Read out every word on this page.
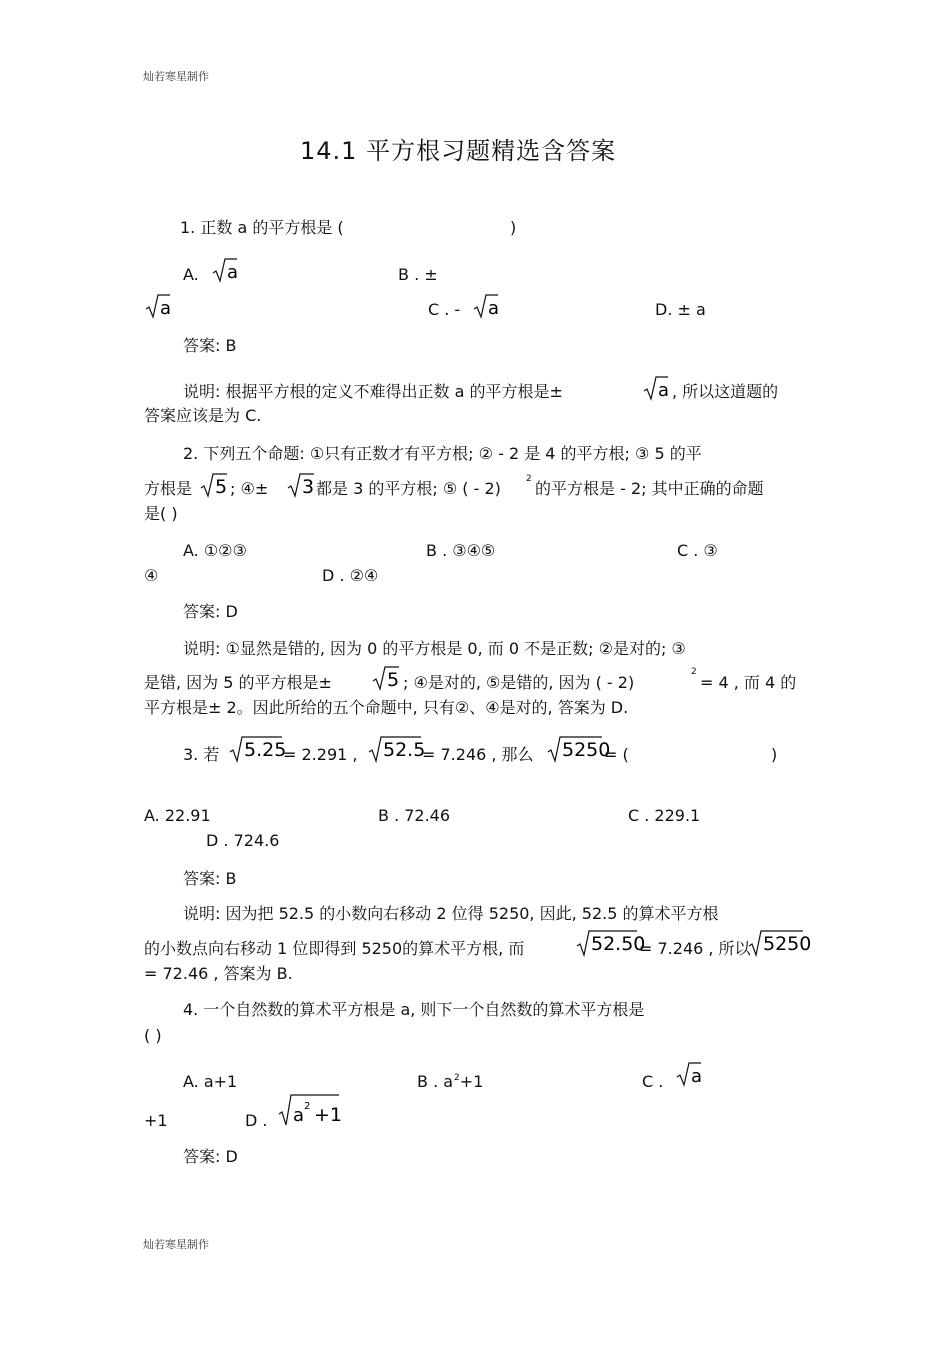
灿若寒星制作
14.1 平方根习题精选含答案
1. 正数 a 的平方根是 (	)
A. a	B . ±
a	C . - a	D. ± a
答案: B
说明: 根据平方根的定义不难得出正数 a 的平方根是±	a , 所以这道题的
答案应该是为 C.
2. 下列五个命题: ①只有正数才有平方根; ② - 2 是 4 的平方根; ③ 5 的平
方根是 5 ; ④± 3 都是 3 的平方根; ⑤ ( - 2)	2 的平方根是 - 2; 其中正确的命题
是( )
A. ①②③	B . ③④⑤	C . ③
④	D . ②④
答案: D
说明: ①显然是错的, 因为 0 的平方根是 0, 而 0 不是正数; ②是对的; ③
是错, 因为 5 的平方根是±	5 ; ④是对的, ⑤是错的, 因为 ( - 2)
2
= 4 , 而 4 的
平方根是± 2。因此所给的五个命题中, 只有②、④是对的, 答案为 D.
3. 若 5.25
= 2.291 , 52.5
= 7.246 , 那么 5250
= (	)
A. 22.91	B . 72.46	C . 229.1
D . 724.6
答案: B
说明: 因为把 52.5 的小数向右移动 2 位得 5250, 因此, 52.5 的算术平方根
的小数点向右移动 1 位即得到 5250的算术平方根, 而	52.50
= 7.246 , 所以 5250
= 72.46 , 答案为 B.
4. 一个自然数的算术平方根是 a, 则下一个自然数的算术平方根是
( )
A. a+1	B . $a^2+1$	C . a
+1	D . a 2 +1
答案: D
灿若寒星制作
